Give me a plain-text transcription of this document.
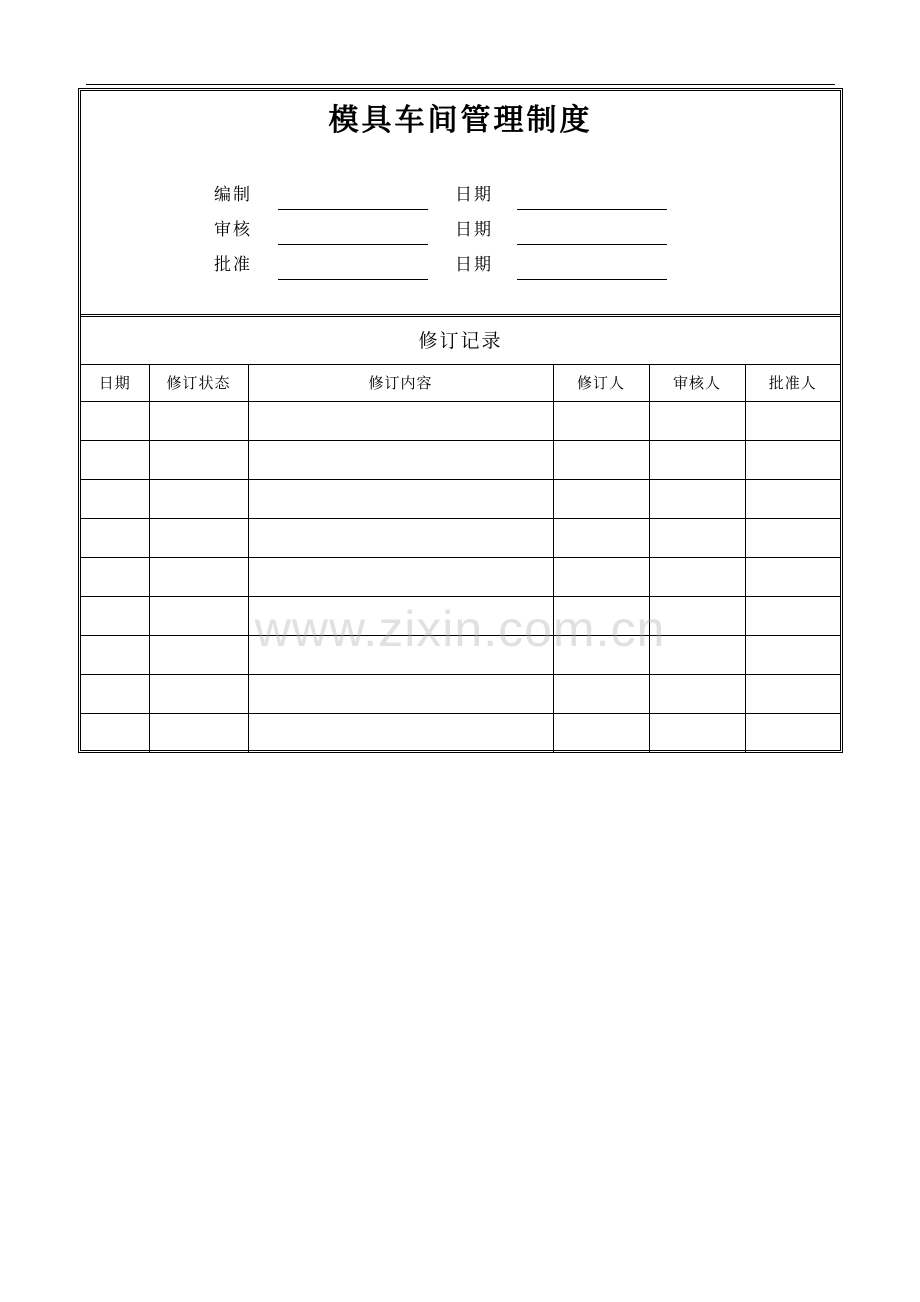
模具车间管理制度
编制	日期
审核	日期
批准	日期
修订记录
日期	修订状态	修订内容	修订人	审核人	批准人

www.zixin.com.cn
